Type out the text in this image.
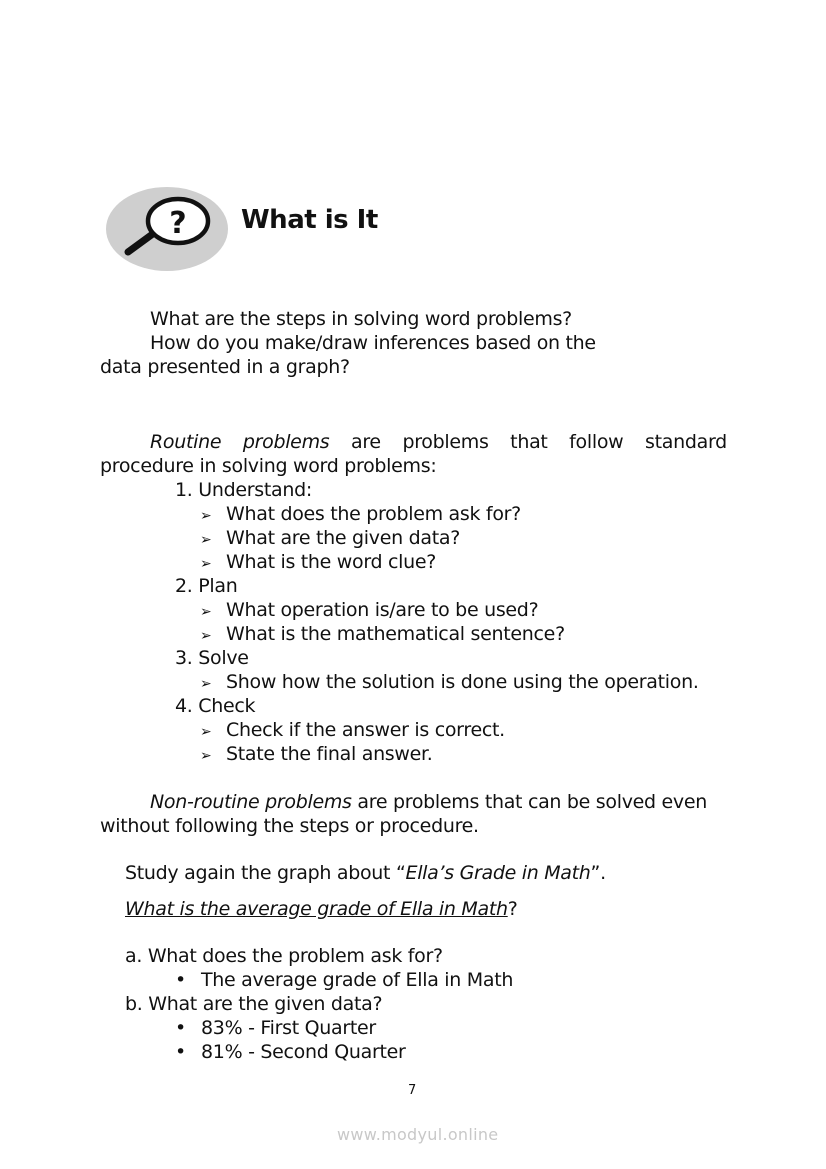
? What is It
What are the steps in solving word problems?
How do you make/draw inferences based on the
data presented in a graph?
Routine problems are problems that follow standard
procedure in solving word problems:
1. Understand:
➢ What does the problem ask for?
➢ What are the given data?
➢ What is the word clue?
2. Plan
➢ What operation is/are to be used?
➢ What is the mathematical sentence?
3. Solve
➢ Show how the solution is done using the operation.
4. Check
➢ Check if the answer is correct.
➢ State the final answer.
Non-routine problems are problems that can be solved even
without following the steps or procedure.
Study again the graph about “Ella’s Grade in Math”.
What is the average grade of Ella in Math?
a. What does the problem ask for?
• The average grade of Ella in Math
b. What are the given data?
• 83% - First Quarter
• 81% - Second Quarter
7
www.modyul.online
